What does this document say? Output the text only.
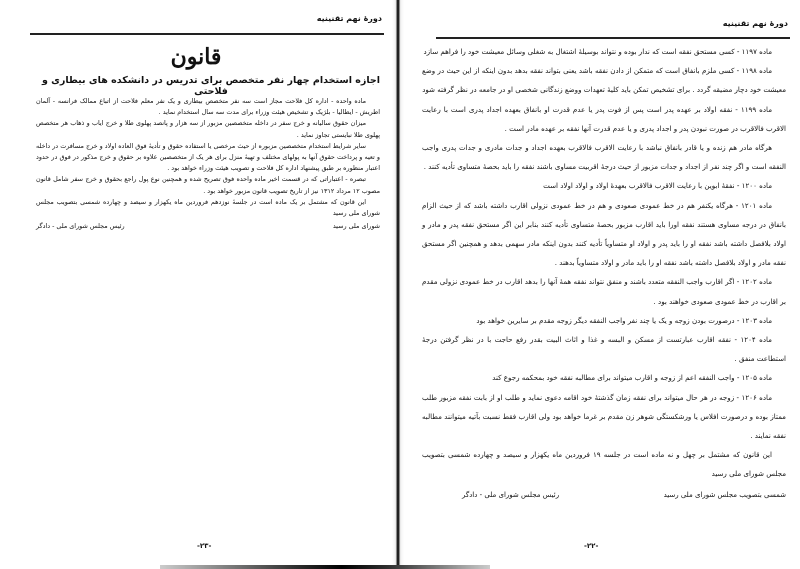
دورهٔ نهم تقنینیه
قانون
اجازه استخدام چهار نفر متخصص برای تدریس در دانشکده های بیطاری و فلاحتی

ماده واحده - اداره کل فلاحت مجاز است سه نفر متخصص بیطاری و یک نفر معلم فلاحت از اتباع ممالک فرانسه - آلمان اطریش - ایطالیا - بلژیک و تشخیص هیئت وزراء برای مدت سه سال استخدام نماید .

میزان حقوق سالیانه و خرج سفر در داخله متخصصین مزبور از سه هزار و پانصد پهلوی طلا و خرج ایاب و ذهاب هر متخصص پهلوی طلا نبایستی تجاوز نماید .

سایر شرایط استخدام متخصصین مزبوره از حیث مرخصی یا استفاده حقوق و تأدیهٔ فوق العاده اولاد و خرج مسافرت در داخله و تعیه و پرداخت حقوق آنها به پولهای مختلف و تهیهٔ منزل برای هر یک از متخصصین علاوه بر حقوق و خرج مذکور در فوق در حدود اعتبار منظوره بر طبق پیشنهاد اداره کل فلاحت و تصویب هیئت وزراء خواهد بود .

تبصره - اعتباراتی که در قسمت اخیر ماده واحده فوق تصریح شده و همچنین نوع پول راجع بحقوق و خرج سفر شامل قانون مصوب ۱۲ مرداد ۱۳۱۲ نیز از تاریخ تصویب قانون مزبور خواهد بود .

این قانون که مشتمل بر یک ماده است در جلسهٔ نوزدهم فروردین ماه یکهزار و سیصد و چهارده شمسی بتصویب مجلس شورای ملی رسید

شورای ملی رسید
رئیس مجلس شورای ملی - دادگر
-۲۳-
دورهٔ نهم تقنینیه

ماده ۱۱۹۷ - کسی مستحق نفقه است که ندار بوده و نتواند بوسیلهٔ اشتغال به شغلی وسائل معیشت خود را فراهم سازد

ماده ۱۱۹۸ - کسی ملزم بانفاق است که متمکن از دادن نفقه باشد یعنی بتواند نفقه بدهد بدون اینکه از این حیث در وضع معیشت خود دچار مضیقه گردد . برای تشخیص تمکن باید کلیهٔ تعهدات ووضع زندگانی شخصی او در جامعه در نظر گرفته شود

ماده ۱۱۹۹ - نفقه اولاد بر عهده پدر است پس از فوت پدر یا عدم قدرت او بانفاق بعهده اجداد پدری است با رعایت الاقرب فالاقرب در صورت نبودن پدر و اجداد پدری و یا عدم قدرت آنها نفقه بر عهده مادر است .

هرگاه مادر هم زنده و یا قادر بانفاق نباشد با رعایت الاقرب فالاقرب بعهده اجداد و جدات مادری و جدات پدری واجب النفقه است و اگر چند نفر از اجداد و جدات مزبور از حیث درجهٔ اقربیت مساوی باشند نفقه را باید بحصهٔ متساوی تأدیه کنند .

ماده ۱۲۰۰ - نفقهٔ ابوین با رعایت الاقرب فالاقرب بعهدهٔ اولاد و اولاد اولاد است

ماده ۱۲۰۱ - هرگاه یکنفر هم در خط عمودی صعودی و هم در خط عمودی نزولی اقارب داشته باشد که از حیث الزام بانفاق در درجه مساوی هستند نفقه اورا باید اقارب مزبور بحصهٔ متساوی تأدیه کنند بنابر این اگر مستحق نفقه پدر و مادر و اولاد بلافصل داشته باشد نفقه او را باید پدر و اولاد او متساویاً تأدیه کنند بدون اینکه مادر سهمی بدهد و همچنین اگر مستحق نفقه مادر و اولاد بلافصل داشته باشد نفقه او را باید مادر و اولاد متساویاً بدهند .

ماده ۱۲۰۲ - اگر اقارب واجب النفقه متعدد باشند و منفق نتواند نفقه همهٔ آنها را بدهد اقارب در خط عمودی نزولی مقدم بر اقارب در خط عمودی صعودی خواهند بود .

ماده ۱۲۰۳ - درصورت بودن زوجه و یک یا چند نفر واجب النفقه دیگر زوجه مقدم بر سایرین خواهد بود

ماده ۱۲۰۴ - نفقه اقارب عبارتست از مسکن و البسه و غذا و اثاث البیت بقدر رفع حاجت با در نظر گرفتن درجهٔ استطاعت منفق .

ماده ۱۲۰۵ - واجب النفقه اعم از زوجه و اقارب میتواند برای مطالبه نفقه خود بمحکمه رجوع کند

ماده ۱۲۰۶ - زوجه در هر حال میتواند برای نفقه زمان گذشتهٔ خود اقامه دعوی نماید و طلب او از بابت نفقه مزبور طلب ممتاز بوده و درصورت افلاس یا ورشکستگی شوهر زن مقدم بر غرما خواهد بود ولی اقارب فقط نسبت بآتیه میتوانند مطالبه نفقه نمایند .

این قانون که مشتمل بر چهل و نه ماده است در جلسه ۱۹ فروردین ماه یکهزار و سیصد و چهارده شمسی بتصویب مجلس شورای ملی رسید

شمسی بتصویب مجلس شورای ملی رسید
رئیس مجلس شورای ملی - دادگر
-۲۲-
